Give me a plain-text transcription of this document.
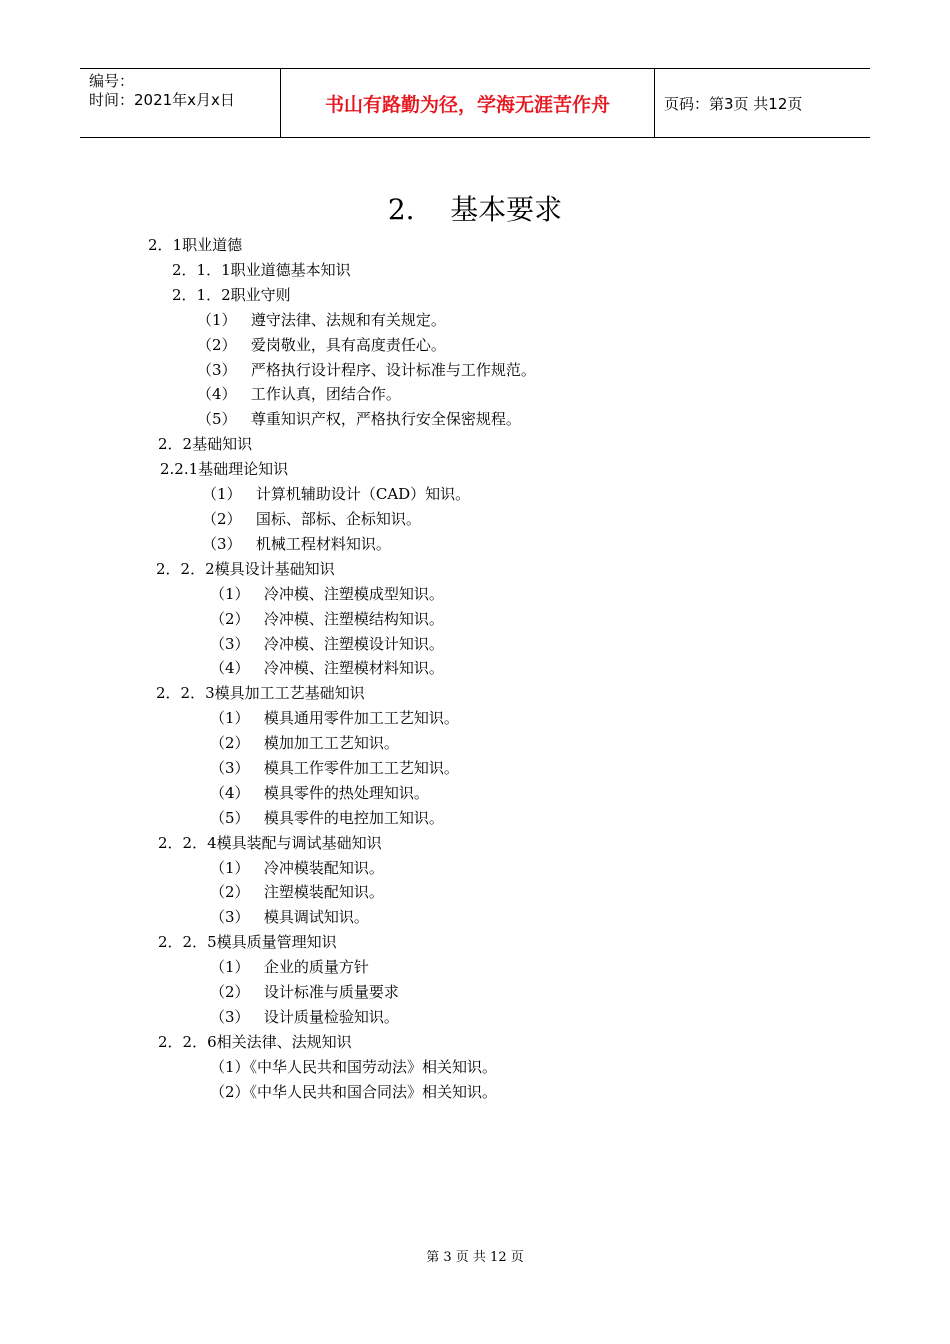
编号：
时间：2021年x月x日	书山有路勤为径，学海无涯苦作舟	页码：第3页 共12页
2.    基本要求
2．1职业道德
2．1．1职业道德基本知识
2．1．2职业守则
（1）   遵守法律、法规和有关规定。
（2）   爱岗敬业，具有高度责任心。
（3）   严格执行设计程序、设计标准与工作规范。
（4）   工作认真，团结合作。
（5）   尊重知识产权，严格执行安全保密规程。
2．2基础知识
2.2.1基础理论知识
（1）   计算机辅助设计（CAD）知识。
（2）   国标、部标、企标知识。
（3）   机械工程材料知识。
2．2．2模具设计基础知识
（1）   冷冲模、注塑模成型知识。
（2）   冷冲模、注塑模结构知识。
（3）   冷冲模、注塑模设计知识。
（4）   冷冲模、注塑模材料知识。
2．2．3模具加工工艺基础知识
（1）   模具通用零件加工工艺知识。
（2）   模加加工工艺知识。
（3）   模具工作零件加工工艺知识。
（4）   模具零件的热处理知识。
（5）   模具零件的电控加工知识。
2．2．4模具装配与调试基础知识
（1）   冷冲模装配知识。
（2）   注塑模装配知识。
（3）   模具调试知识。
2．2．5模具质量管理知识
（1）   企业的质量方针
（2）   设计标准与质量要求
（3）   设计质量检验知识。
2．2．6相关法律、法规知识
（1）《中华人民共和国劳动法》相关知识。
（2）《中华人民共和国合同法》相关知识。
第 3 页 共 12 页
